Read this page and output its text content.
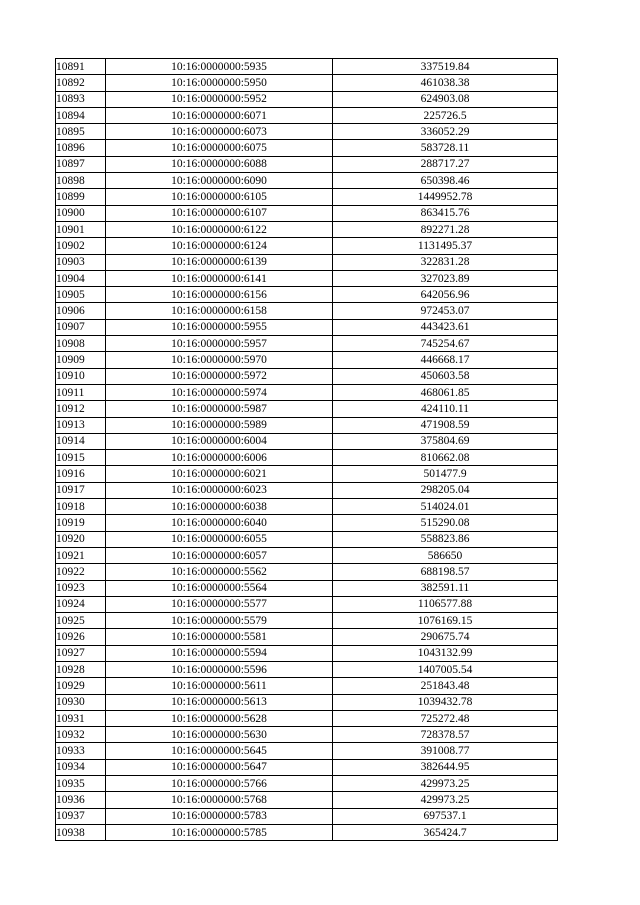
10891	10:16:0000000:5935	337519.84
10892	10:16:0000000:5950	461038.38
10893	10:16:0000000:5952	624903.08
10894	10:16:0000000:6071	225726.5
10895	10:16:0000000:6073	336052.29
10896	10:16:0000000:6075	583728.11
10897	10:16:0000000:6088	288717.27
10898	10:16:0000000:6090	650398.46
10899	10:16:0000000:6105	1449952.78
10900	10:16:0000000:6107	863415.76
10901	10:16:0000000:6122	892271.28
10902	10:16:0000000:6124	1131495.37
10903	10:16:0000000:6139	322831.28
10904	10:16:0000000:6141	327023.89
10905	10:16:0000000:6156	642056.96
10906	10:16:0000000:6158	972453.07
10907	10:16:0000000:5955	443423.61
10908	10:16:0000000:5957	745254.67
10909	10:16:0000000:5970	446668.17
10910	10:16:0000000:5972	450603.58
10911	10:16:0000000:5974	468061.85
10912	10:16:0000000:5987	424110.11
10913	10:16:0000000:5989	471908.59
10914	10:16:0000000:6004	375804.69
10915	10:16:0000000:6006	810662.08
10916	10:16:0000000:6021	501477.9
10917	10:16:0000000:6023	298205.04
10918	10:16:0000000:6038	514024.01
10919	10:16:0000000:6040	515290.08
10920	10:16:0000000:6055	558823.86
10921	10:16:0000000:6057	586650
10922	10:16:0000000:5562	688198.57
10923	10:16:0000000:5564	382591.11
10924	10:16:0000000:5577	1106577.88
10925	10:16:0000000:5579	1076169.15
10926	10:16:0000000:5581	290675.74
10927	10:16:0000000:5594	1043132.99
10928	10:16:0000000:5596	1407005.54
10929	10:16:0000000:5611	251843.48
10930	10:16:0000000:5613	1039432.78
10931	10:16:0000000:5628	725272.48
10932	10:16:0000000:5630	728378.57
10933	10:16:0000000:5645	391008.77
10934	10:16:0000000:5647	382644.95
10935	10:16:0000000:5766	429973.25
10936	10:16:0000000:5768	429973.25
10937	10:16:0000000:5783	697537.1
10938	10:16:0000000:5785	365424.7
